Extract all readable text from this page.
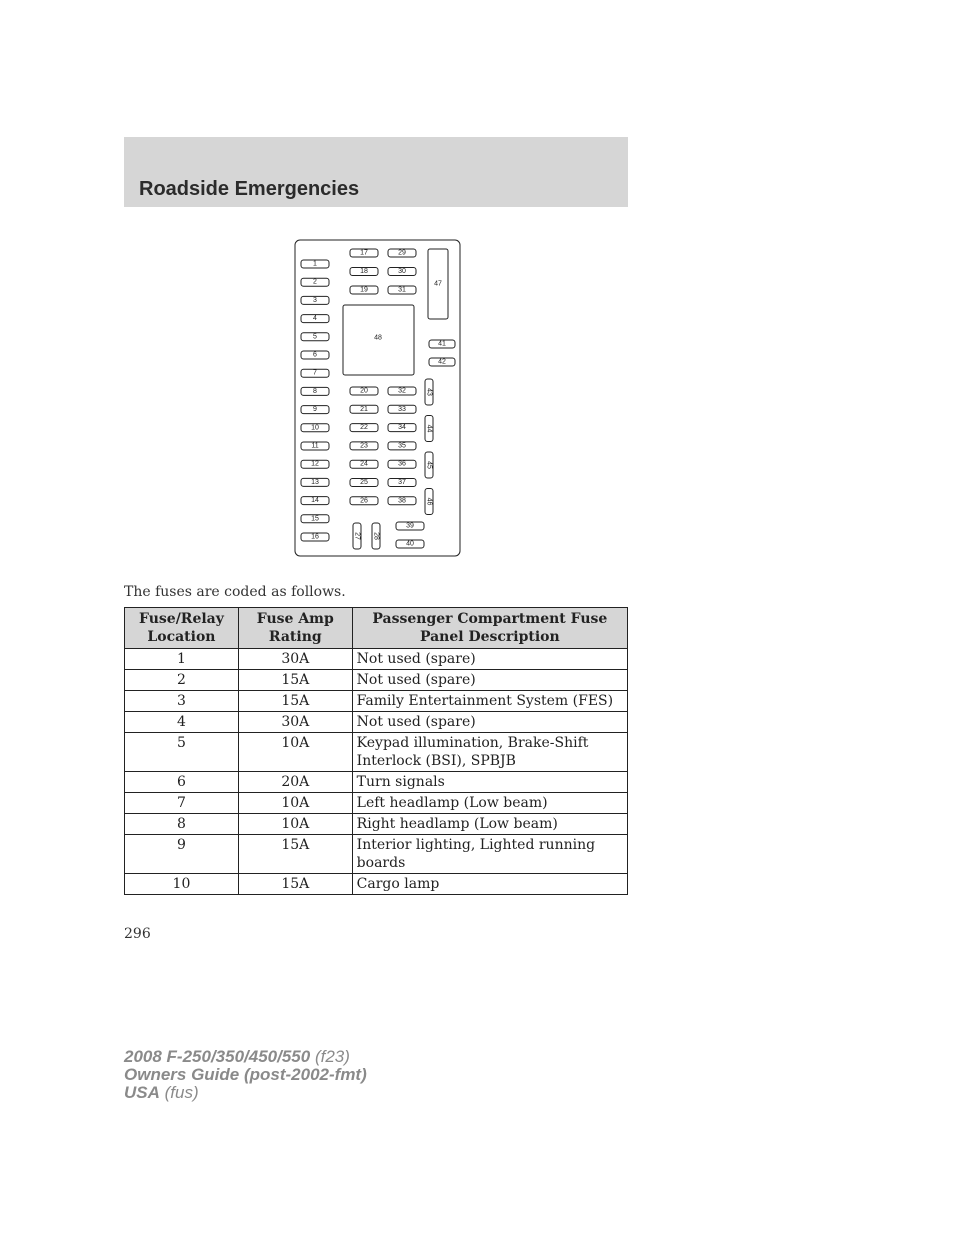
Roadside Emergencies
1
2
3
4
5
6
7
8
9
10
11
12
13
14
15
16
17	29
18	30
19	31
47
48
41
42
20	32
21	33
22	34
23	35
24	36
25	37
26	38
43
44
45
46
27 28
39
40
The fuses are coded as follows.
Fuse/Relay Location	Fuse Amp Rating	Passenger Compartment Fuse Panel Description
1	30A	Not used (spare)
2	15A	Not used (spare)
3	15A	Family Entertainment System (FES)
4	30A	Not used (spare)
5	10A	Keypad illumination, Brake-Shift Interlock (BSI), SPBJB
6	20A	Turn signals
7	10A	Left headlamp (Low beam)
8	10A	Right headlamp (Low beam)
9	15A	Interior lighting, Lighted running boards
10	15A	Cargo lamp
296
2008 F-250/350/450/550 (f23)
Owners Guide (post-2002-fmt)
USA (fus)
